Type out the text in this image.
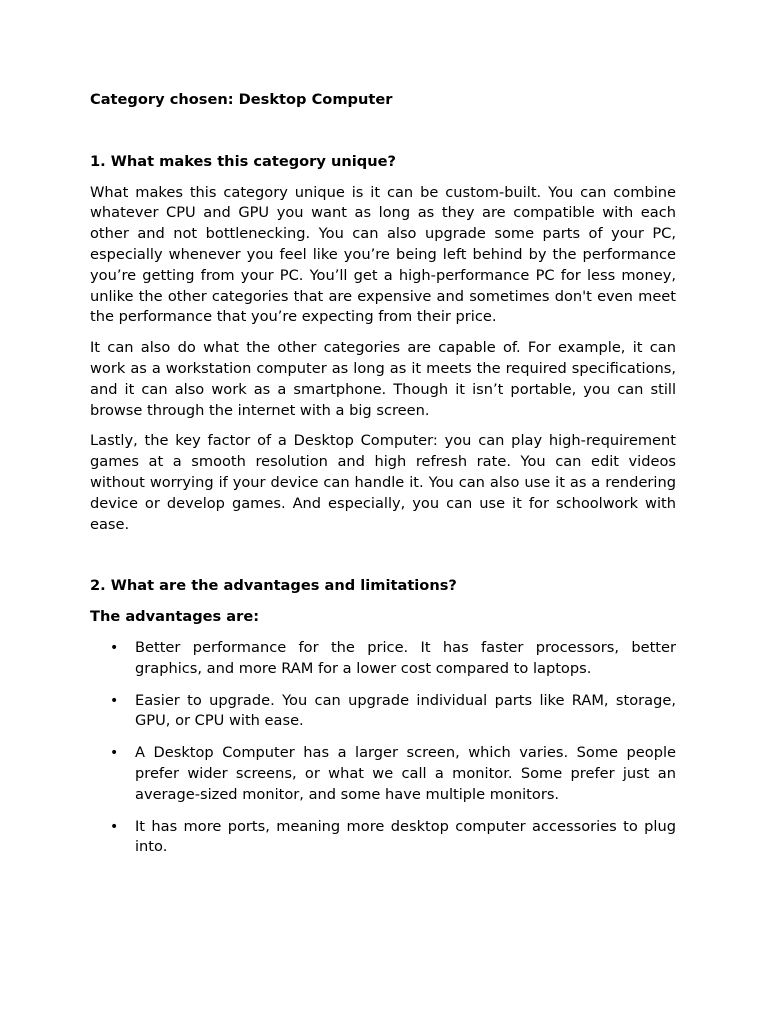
Category chosen: Desktop Computer

1. What makes this category unique?

What makes this category unique is it can be custom-built. You can combine whatever CPU and GPU you want as long as they are compatible with each other and not bottlenecking. You can also upgrade some parts of your PC, especially whenever you feel like you’re being left behind by the performance you’re getting from your PC. You’ll get a high-performance PC for less money, unlike the other categories that are expensive and sometimes don't even meet the performance that you’re expecting from their price.

It can also do what the other categories are capable of. For example, it can work as a workstation computer as long as it meets the required specifications, and it can also work as a smartphone. Though it isn’t portable, you can still browse through the internet with a big screen.

Lastly, the key factor of a Desktop Computer: you can play high-requirement games at a smooth resolution and high refresh rate. You can edit videos without worrying if your device can handle it. You can also use it as a rendering device or develop games. And especially, you can use it for schoolwork with ease.

2. What are the advantages and limitations?

The advantages are:

• Better performance for the price. It has faster processors, better graphics, and more RAM for a lower cost compared to laptops.
• Easier to upgrade. You can upgrade individual parts like RAM, storage, GPU, or CPU with ease.
• A Desktop Computer has a larger screen, which varies. Some people prefer wider screens, or what we call a monitor. Some prefer just an average-sized monitor, and some have multiple monitors.
• It has more ports, meaning more desktop computer accessories to plug into.
